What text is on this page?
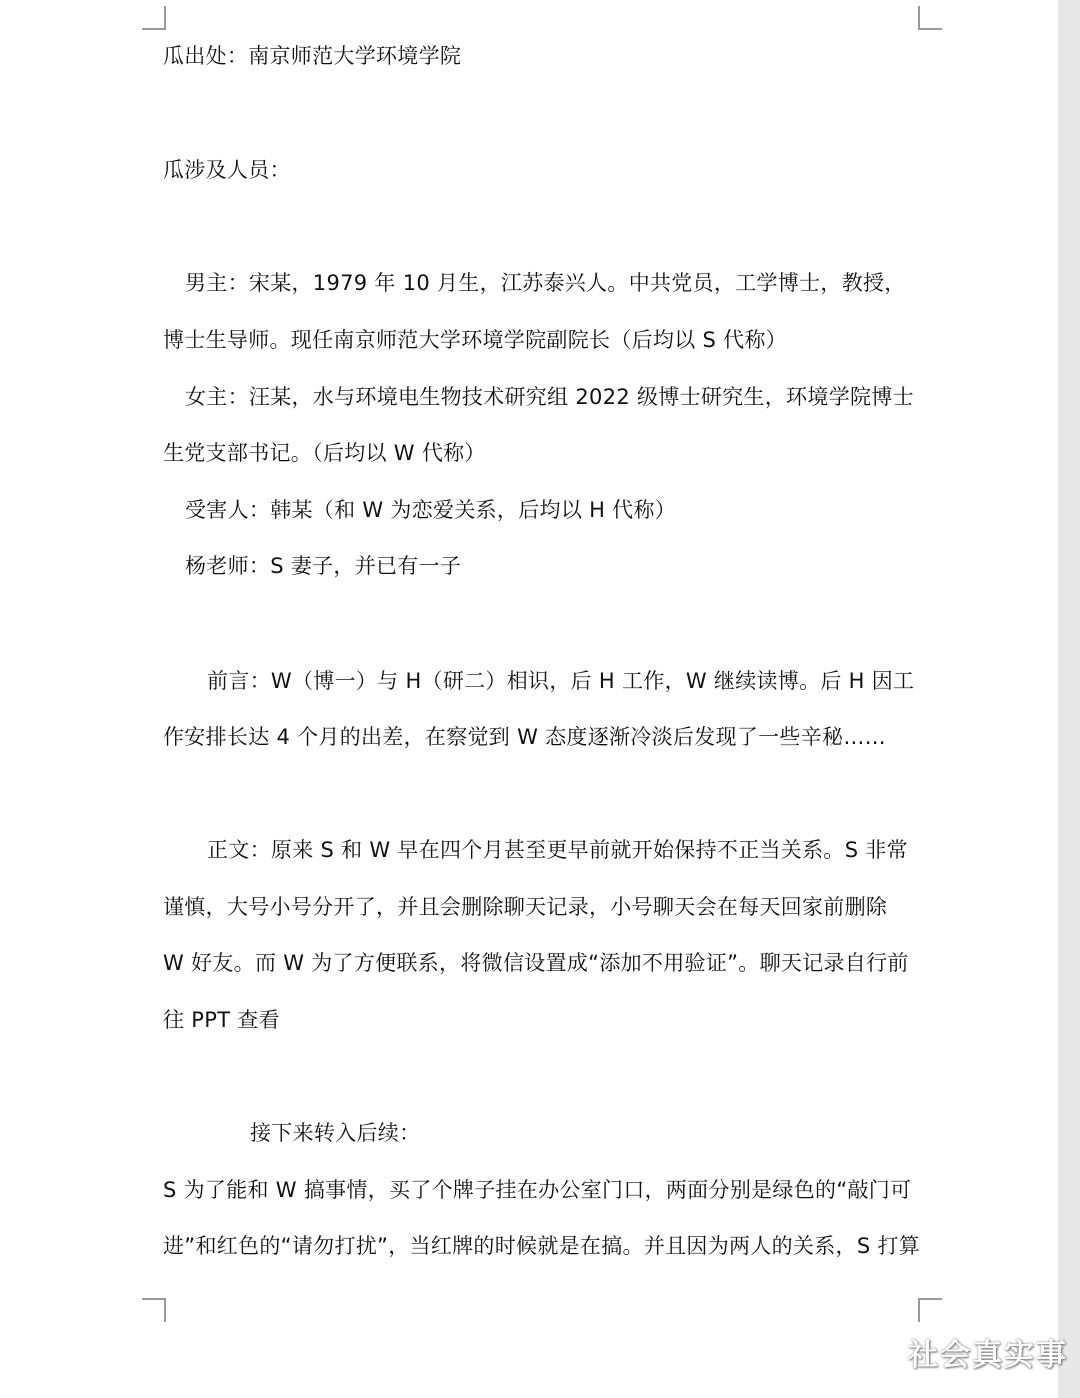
瓜出处：南京师范大学环境学院
瓜涉及人员：
男主：宋某，1979 年 10 月生，江苏泰兴人。中共党员，工学博士，教授，
博士生导师。现任南京师范大学环境学院副院长（后均以 S 代称）
女主：汪某，水与环境电生物技术研究组 2022 级博士研究生，环境学院博士
生党支部书记。（后均以 W 代称）
受害人：韩某（和 W 为恋爱关系，后均以 H 代称）
杨老师：S 妻子，并已有一子
前言：W（博一）与 H（研二）相识，后 H 工作，W 继续读博。后 H 因工
作安排长达 4 个月的出差，在察觉到 W 态度逐渐冷淡后发现了一些辛秘……
正文：原来 S 和 W 早在四个月甚至更早前就开始保持不正当关系。S 非常
谨慎，大号小号分开了，并且会删除聊天记录，小号聊天会在每天回家前删除
W 好友。而 W 为了方便联系，将微信设置成“添加不用验证”。聊天记录自行前
往 PPT 查看
接下来转入后续：
S 为了能和 W 搞事情，买了个牌子挂在办公室门口，两面分别是绿色的“敲门可
进”和红色的“请勿打扰”，当红牌的时候就是在搞。并且因为两人的关系，S 打算
社会真实事
